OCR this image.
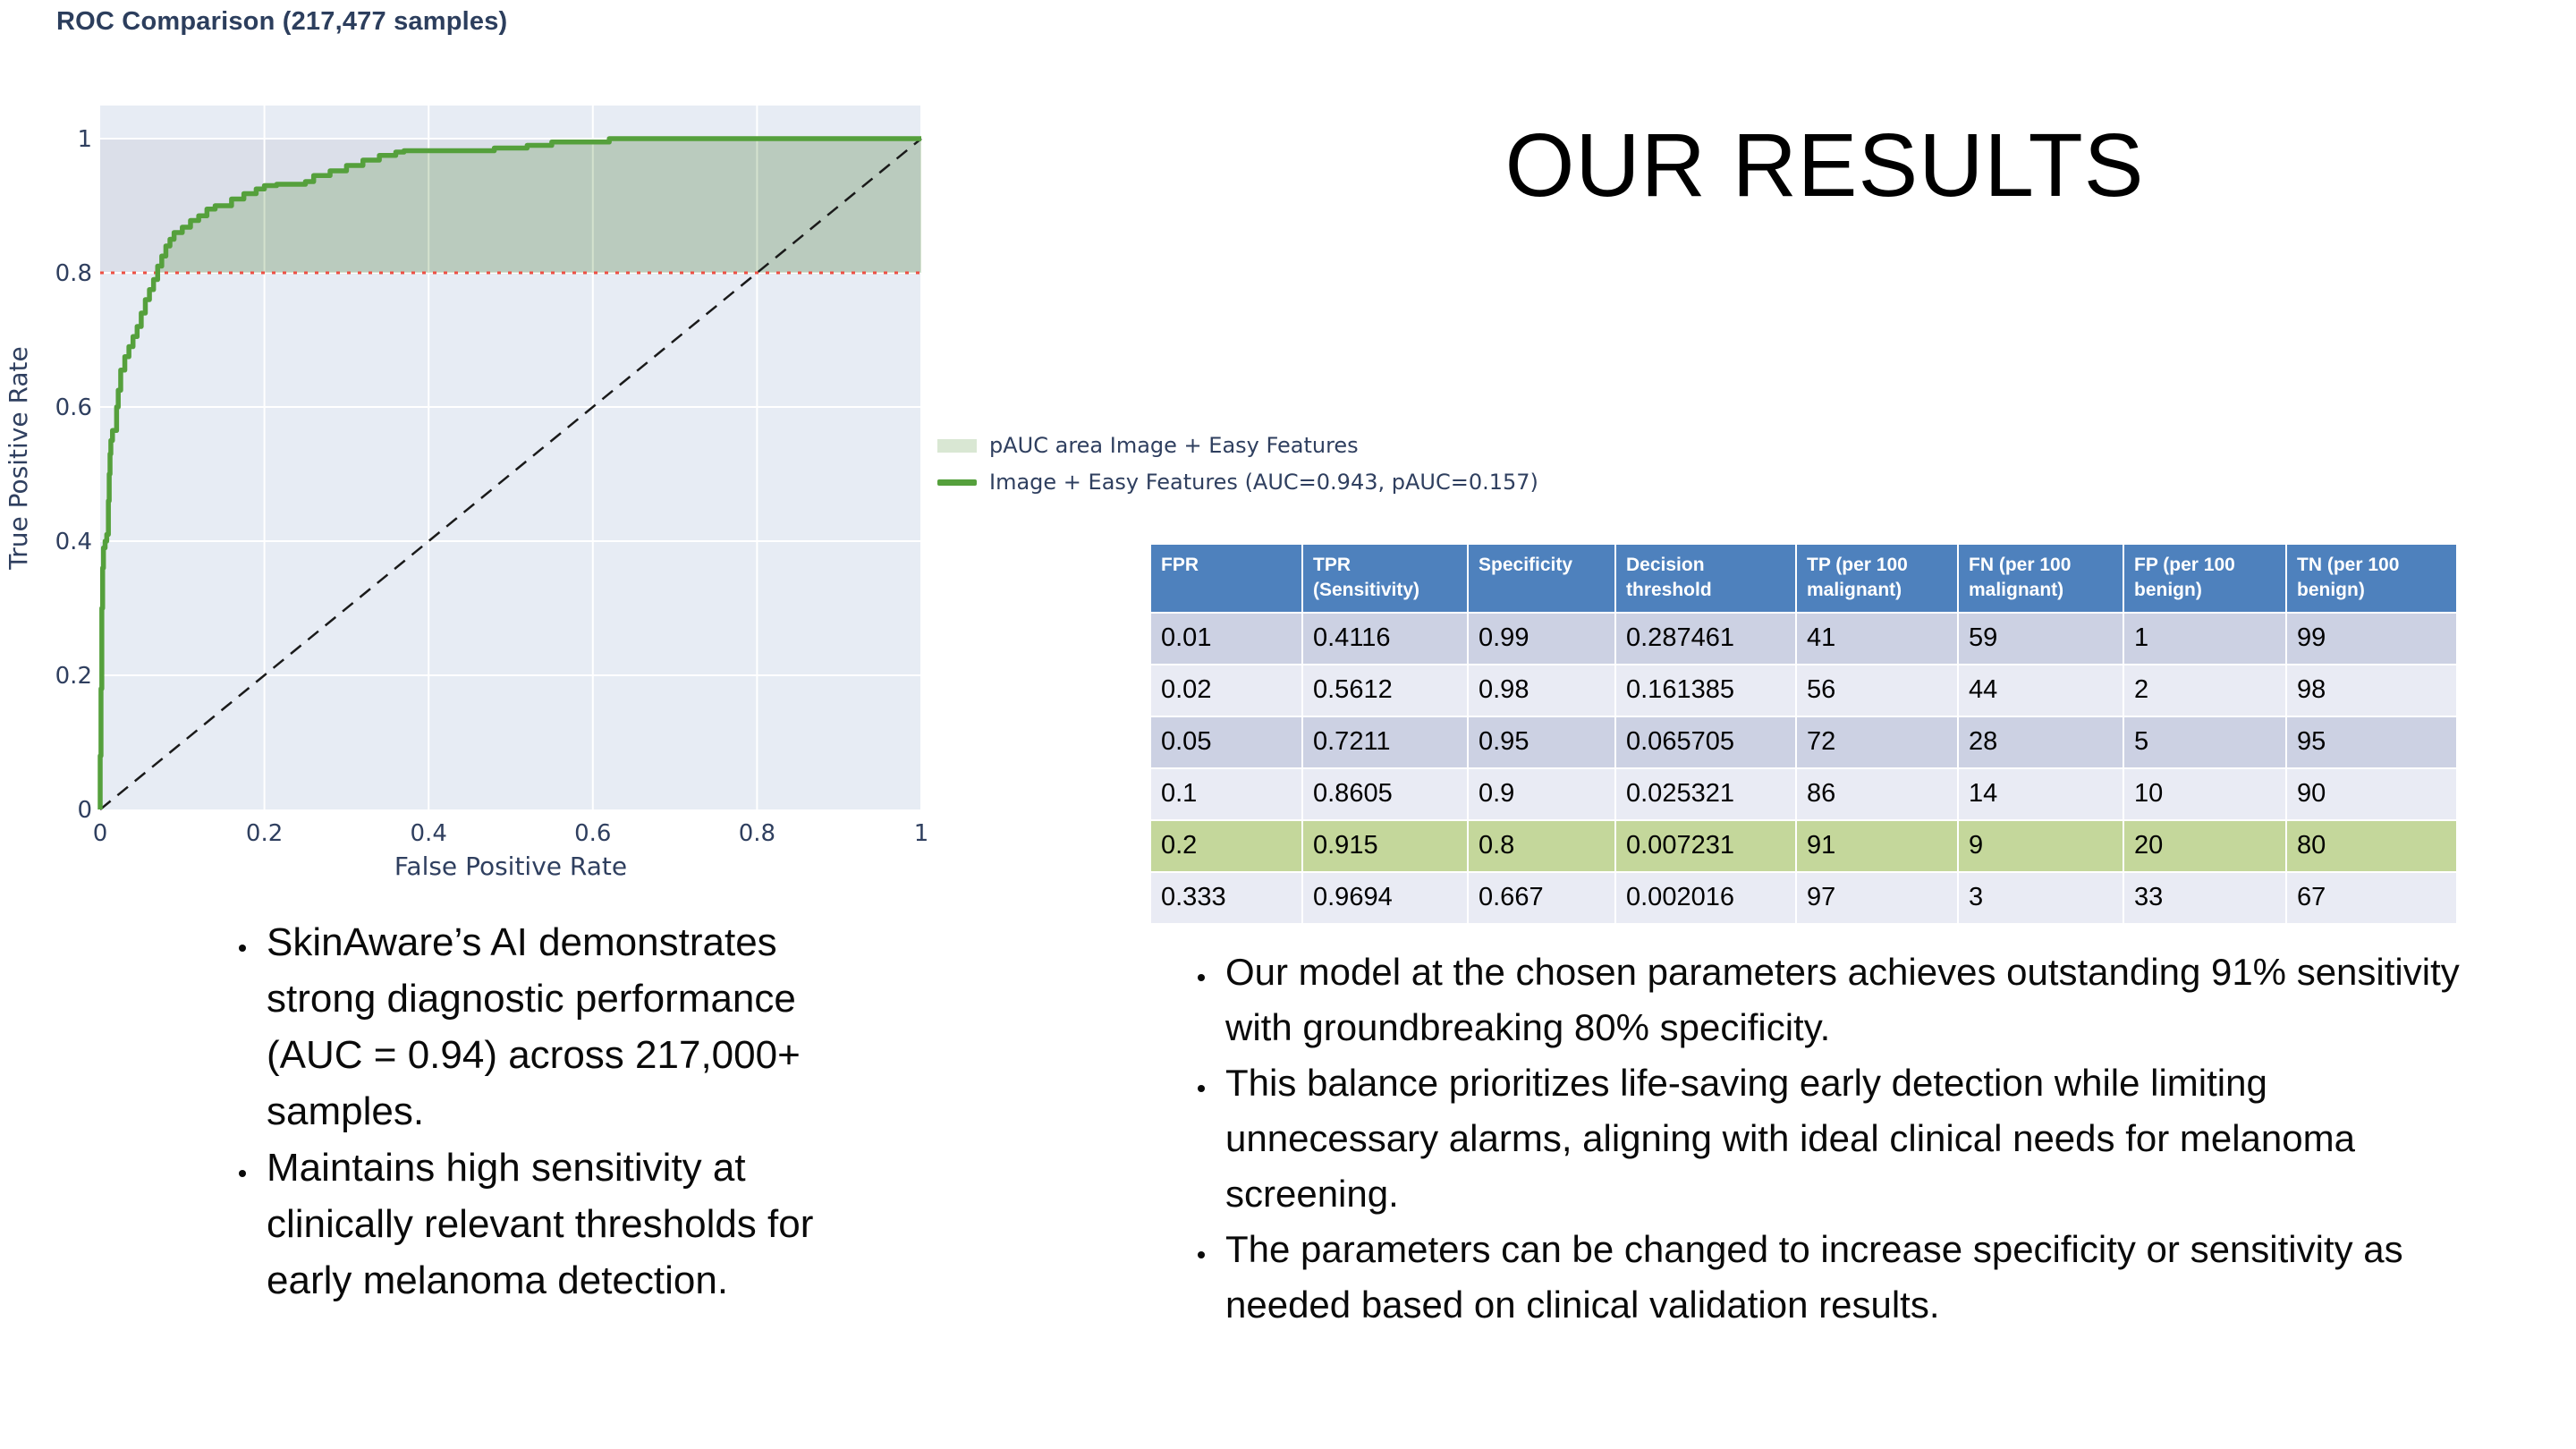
ROC Comparison (217,477 samples)
0
0.2
0.4
0.6
0.8
1
0	0.2	0.4	0.6	0.8	1
False Positive Rate
True Positive Rate	pAUC area Image + Easy Features
Image + Easy Features (AUC=0.943, pAUC=0.157)
OUR RESULTS
FPR	TPR (Sensitivity)	Specificity	Decision threshold	TP (per 100 malignant)	FN (per 100 malignant)	FP (per 100 benign)	TN (per 100 benign)
0.01	0.4116	0.99	0.287461	41	59	1	99
0.02	0.5612	0.98	0.161385	56	44	2	98
0.05	0.7211	0.95	0.065705	72	28	5	95
0.1	0.8605	0.9	0.025321	86	14	10	90
0.2	0.915	0.8	0.007231	91	9	20	80
0.333	0.9694	0.667	0.002016	97	3	33	67
• SkinAware’s AI demonstrates strong diagnostic performance (AUC = 0.94) across 217,000+ samples.
• Maintains high sensitivity at clinically relevant thresholds for early melanoma detection.
• Our model at the chosen parameters achieves outstanding 91% sensitivity with groundbreaking 80% specificity.
• This balance prioritizes life-saving early detection while limiting unnecessary alarms, aligning with ideal clinical needs for melanoma screening.
• The parameters can be changed to increase specificity or sensitivity as needed based on clinical validation results.
